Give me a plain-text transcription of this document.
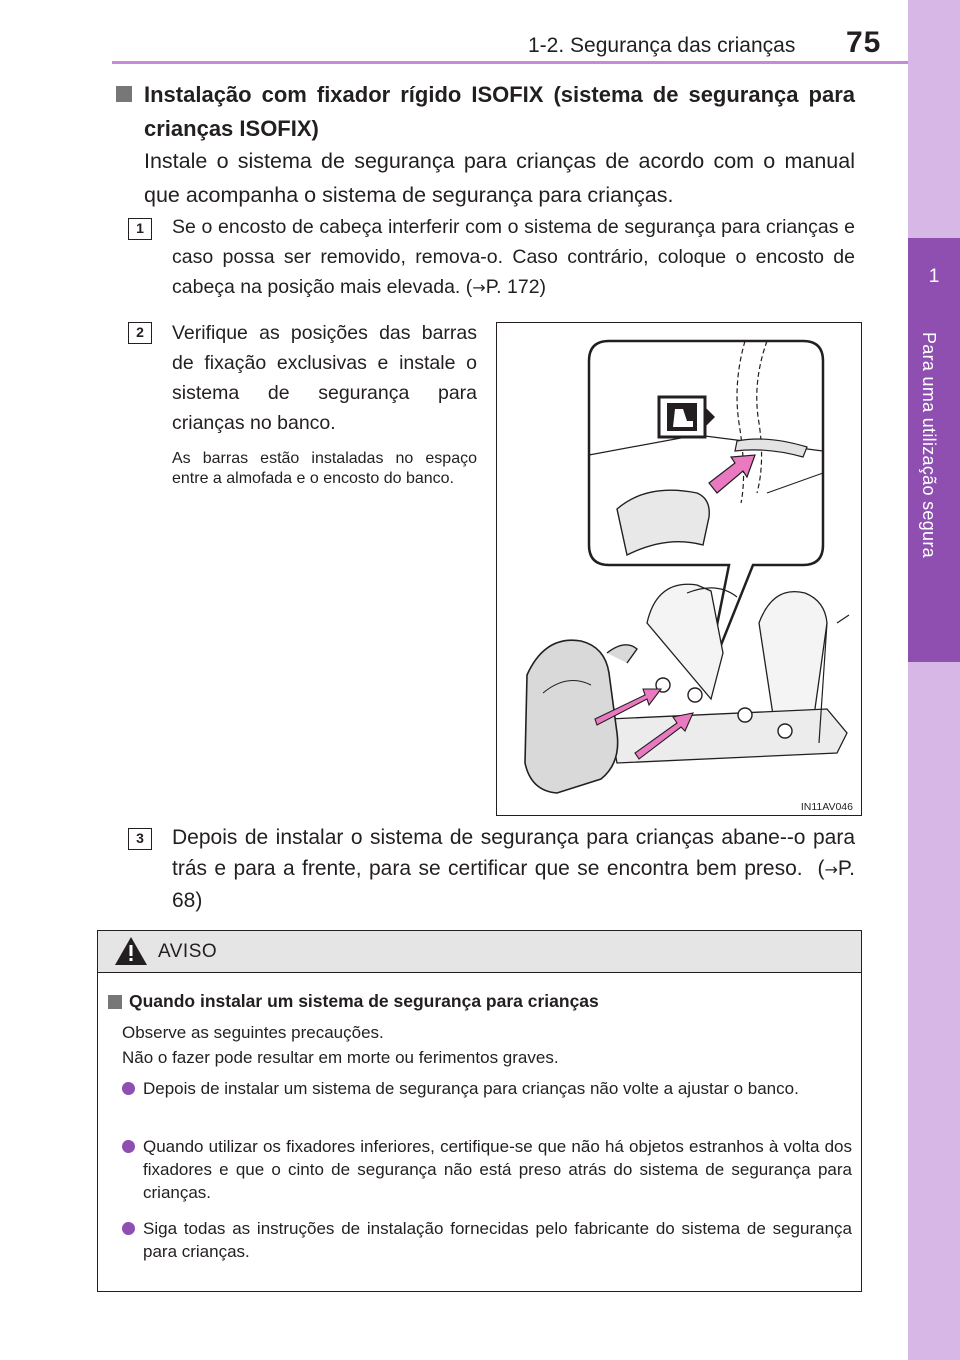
1-2. Segurança das crianças 75
1
Para uma utilização segura
Instalação com fixador rígido ISOFIX (sistema de segurança para crianças ISOFIX)
Instale o sistema de segurança para crianças de acordo com o manual que acompanha o sistema de segurança para crianças.
1	Se o encosto de cabeça interferir com o sistema de segurança para crianças e caso possa ser removido, remova-o. Caso contrário, coloque o encosto de cabeça na posição mais elevada. (→P. 172)
2	Verifique as posições das barras de fixação exclusivas e instale o sistema de segurança para crianças no banco.
As barras estão instaladas no espaço entre a almofada e o encosto do banco.
IN11AV046
3	Depois de instalar o sistema de segurança para crianças abane--o para trás e para a frente, para se certificar que se encontra bem preso.  (→P. 68)
AVISO
Quando instalar um sistema de segurança para crianças
Observe as seguintes precauções.
Não o fazer pode resultar em morte ou ferimentos graves.
Depois de instalar um sistema de segurança para crianças não volte a ajustar o banco.
Quando utilizar os fixadores inferiores, certifique-se que não há objetos estranhos à volta dos fixadores e que o cinto de segurança não está preso atrás do sistema de segurança para crianças.
Siga todas as instruções de instalação fornecidas pelo fabricante do sistema de segurança para crianças.
